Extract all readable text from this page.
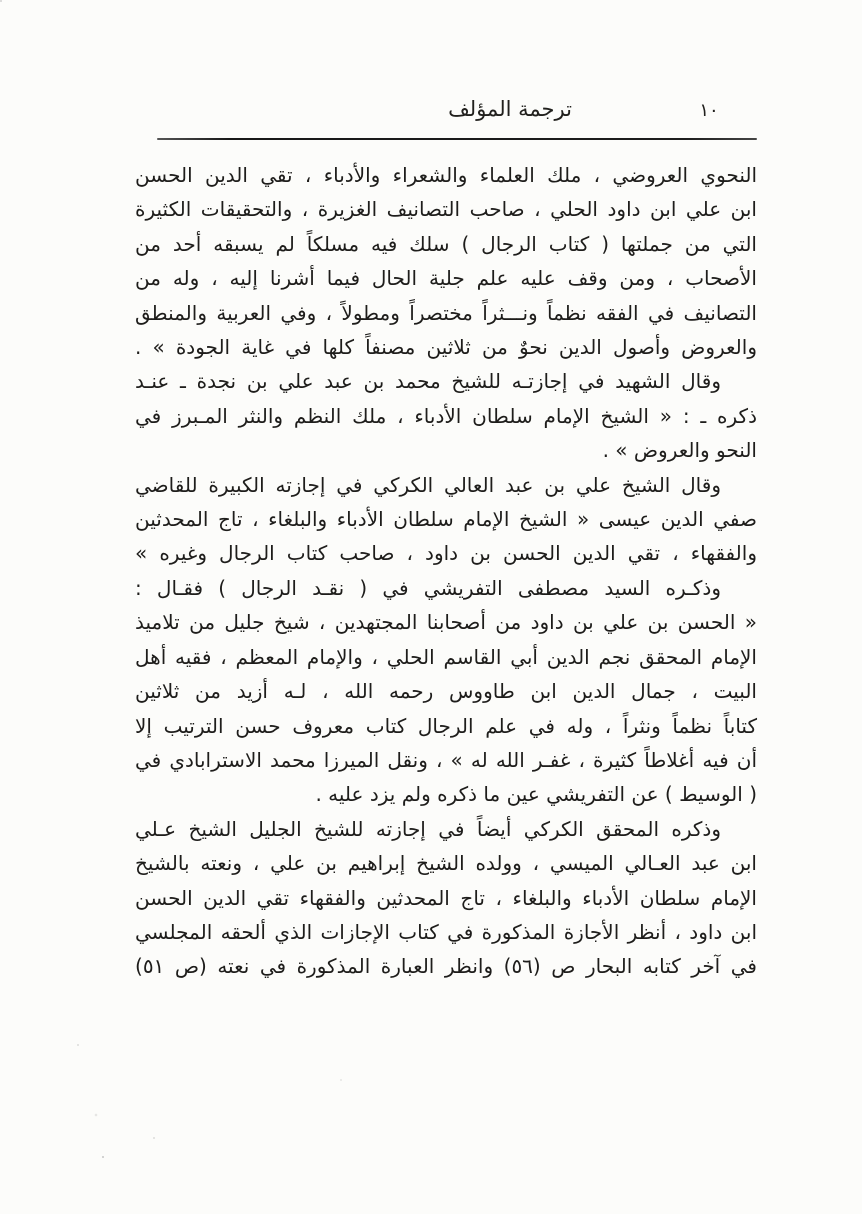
١٠
ترجمة المؤلف
النحوي العروضي ، ملك العلماء والشعراء والأدباء ، تقي الدين الحسن
ابن علي ابن داود الحلي ، صاحب التصانيف الغزيرة ، والتحقيقات الكثيرة
التي من جملتها ( كتاب الرجال ) سلك فيه مسلكاً لم يسبقه أحد من
الأصحاب ، ومن وقف عليه علم جلية الحال فيما أشرنا إليه ، وله من
التصانيف في الفقه نظماً ونـــثراً مختصراً ومطولاً ، وفي العربية والمنطق
والعروض وأصول الدين نحوٌ من ثلاثين مصنفاً كلها في غاية الجودة » .
وقال الشهيد في إجازتـه للشيخ محمد بن عبد علي بن نجدة ـ عنـد
ذكره ـ : « الشيخ الإمام سلطان الأدباء ، ملك النظم والنثر المـبرز في
النحو والعروض » .
وقال الشيخ علي بن عبد العالي الكركي في إجازته الكبيرة للقاضي
صفي الدين عيسى « الشيخ الإمام سلطان الأدباء والبلغاء ، تاج المحدثين
والفقهاء ، تقي الدين الحسن بن داود ، صاحب كتاب الرجال وغيره »
وذكـره السيد مصطفى التفريشي في ( نقـد الرجال ) فقـال :
« الحسن بن علي بن داود من أصحابنا المجتهدين ، شيخ جليل من تلاميذ
الإمام المحقق نجم الدين أبي القاسم الحلي ، والإمام المعظم ، فقيه أهل
البيت ، جمال الدين ابن طاووس رحمه الله ، لـه أزيد من ثلاثين
كتاباً نظماً ونثراً ، وله في علم الرجال كتاب معروف حسن الترتيب إلا
أن فيه أغلاطاً كثيرة ، غفـر الله له » ، ونقل الميرزا محمد الاسترابادي في
( الوسيط ) عن التفريشي عين ما ذكره ولم يزد عليه .
وذكره المحقق الكركي أيضاً في إجازته للشيخ الجليل الشيخ عـلي
ابن عبد العـالي الميسي ، وولده الشيخ إبراهيم بن علي ، ونعته بالشيخ
الإمام سلطان الأدباء والبلغاء ، تاج المحدثين والفقهاء تقي الدين الحسن
ابن داود ، أنظر الأجازة المذكورة في كتاب الإجازات الذي ألحقه المجلسي
في آخر كتابه البحار ص (٥٦) وانظر العبارة المذكورة في نعته (ص ٥١)
